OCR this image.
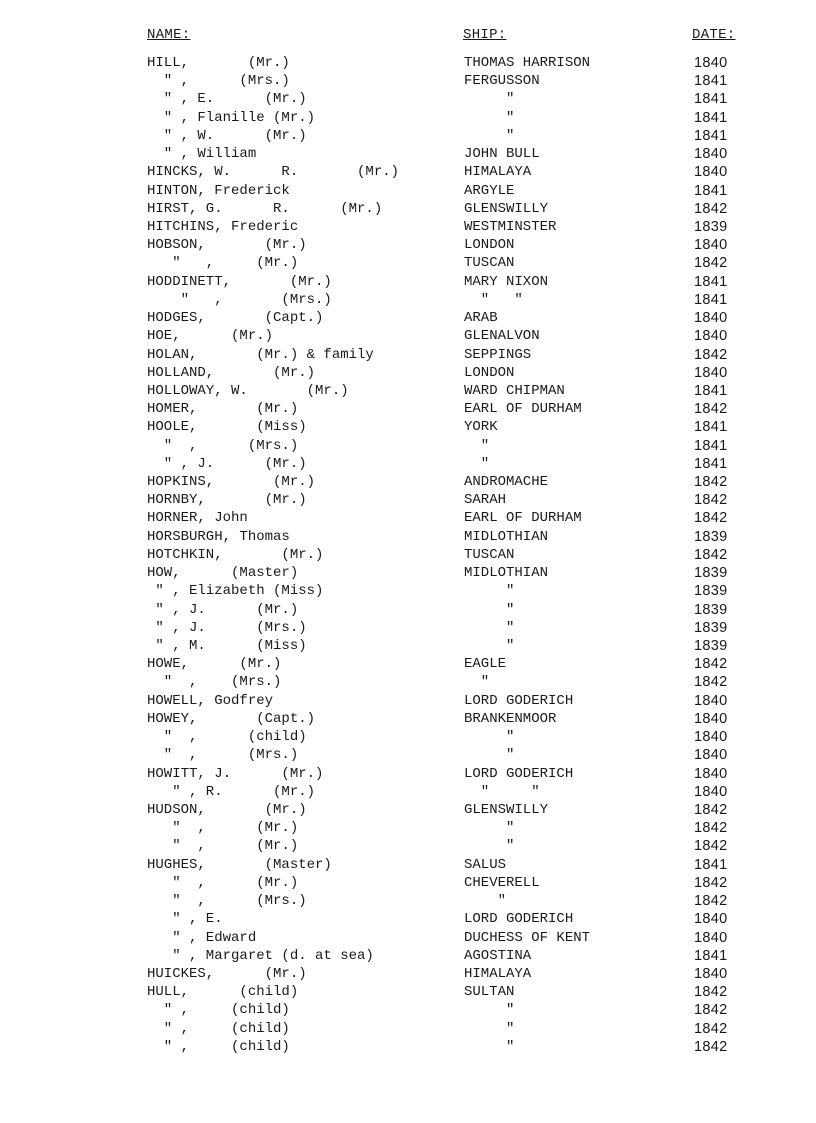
NAME:	SHIP:	DATE:
HILL,       (Mr.)	THOMAS HARRISON	1840
" ,      (Mrs.)	FERGUSSON	1841
" , E.      (Mr.)	"	1841
" , Flanille (Mr.)	"	1841
" , W.      (Mr.)	"	1841
" , William	JOHN BULL	1840
HINCKS, W.      R.       (Mr.)	HIMALAYA	1840
HINTON, Frederick	ARGYLE	1841
HIRST, G.      R.      (Mr.)	GLENSWILLY	1842
HITCHINS, Frederic	WESTMINSTER	1839
HOBSON,       (Mr.)	LONDON	1840
"   ,     (Mr.)	TUSCAN	1842
HODDINETT,       (Mr.)	MARY NIXON	1841
"   ,       (Mrs.)	"   "	1841
HODGES,       (Capt.)	ARAB	1840
HOE,      (Mr.)	GLENALVON	1840
HOLAN,       (Mr.) & family	SEPPINGS	1842
HOLLAND,       (Mr.)	LONDON	1840
HOLLOWAY, W.       (Mr.)	WARD CHIPMAN	1841
HOMER,       (Mr.)	EARL OF DURHAM	1842
HOOLE,       (Miss)	YORK	1841
"  ,      (Mrs.)	"	1841
" , J.      (Mr.)	"	1841
HOPKINS,       (Mr.)	ANDROMACHE	1842
HORNBY,       (Mr.)	SARAH	1842
HORNER, John	EARL OF DURHAM	1842
HORSBURGH, Thomas	MIDLOTHIAN	1839
HOTCHKIN,       (Mr.)	TUSCAN	1842
HOW,      (Master)	MIDLOTHIAN	1839
" , Elizabeth (Miss)	"	1839
" , J.      (Mr.)	"	1839
" , J.      (Mrs.)	"	1839
" , M.      (Miss)	"	1839
HOWE,      (Mr.)	EAGLE	1842
"  ,    (Mrs.)	"	1842
HOWELL, Godfrey	LORD GODERICH	1840
HOWEY,       (Capt.)	BRANKENMOOR	1840
"  ,      (child)	"	1840
"  ,      (Mrs.)	"	1840
HOWITT, J.      (Mr.)	LORD GODERICH	1840
" , R.      (Mr.)	"     "	1840
HUDSON,       (Mr.)	GLENSWILLY	1842
"  ,      (Mr.)	"	1842
"  ,      (Mr.)	"	1842
HUGHES,       (Master)	SALUS	1841
"  ,      (Mr.)	CHEVERELL	1842
"  ,      (Mrs.)	"	1842
" , E.	LORD GODERICH	1840
" , Edward	DUCHESS OF KENT	1840
" , Margaret (d. at sea)	AGOSTINA	1841
HUICKES,      (Mr.)	HIMALAYA	1840
HULL,      (child)	SULTAN	1842
" ,     (child)	"	1842
" ,     (child)	"	1842
" ,     (child)	"	1842
